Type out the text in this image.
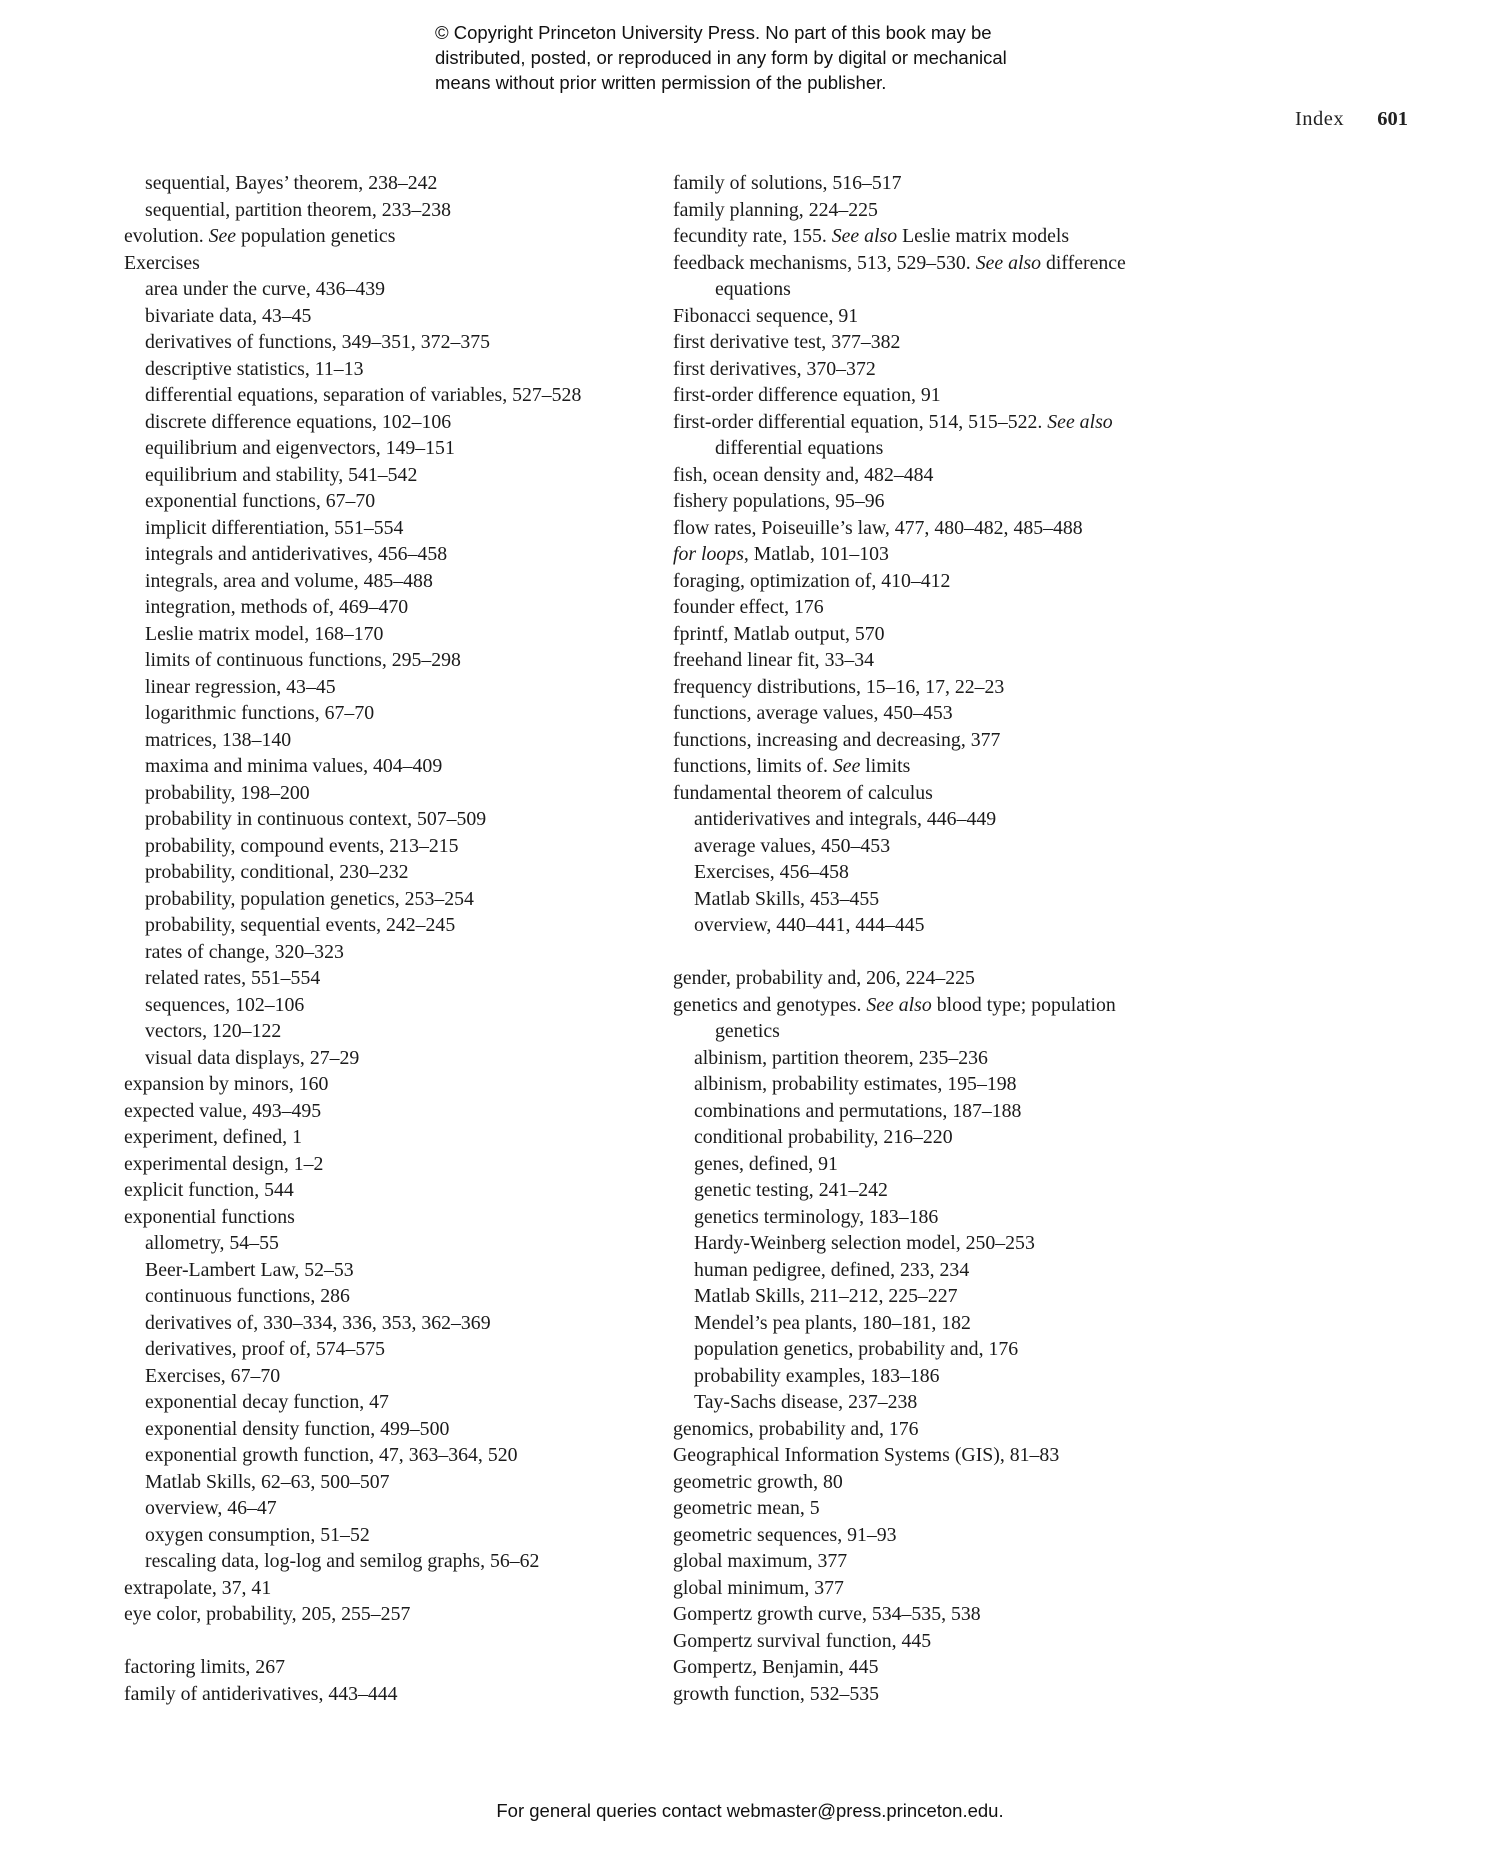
© Copyright Princeton University Press. No part of this book may be
distributed, posted, or reproduced in any form by digital or mechanical
means without prior written permission of the publisher.
Index 601
sequential, Bayes’ theorem, 238–242
sequential, partition theorem, 233–238
evolution. See population genetics
Exercises
area under the curve, 436–439
bivariate data, 43–45
derivatives of functions, 349–351, 372–375
descriptive statistics, 11–13
differential equations, separation of variables, 527–528
discrete difference equations, 102–106
equilibrium and eigenvectors, 149–151
equilibrium and stability, 541–542
exponential functions, 67–70
implicit differentiation, 551–554
integrals and antiderivatives, 456–458
integrals, area and volume, 485–488
integration, methods of, 469–470
Leslie matrix model, 168–170
limits of continuous functions, 295–298
linear regression, 43–45
logarithmic functions, 67–70
matrices, 138–140
maxima and minima values, 404–409
probability, 198–200
probability in continuous context, 507–509
probability, compound events, 213–215
probability, conditional, 230–232
probability, population genetics, 253–254
probability, sequential events, 242–245
rates of change, 320–323
related rates, 551–554
sequences, 102–106
vectors, 120–122
visual data displays, 27–29
expansion by minors, 160
expected value, 493–495
experiment, defined, 1
experimental design, 1–2
explicit function, 544
exponential functions
allometry, 54–55
Beer-Lambert Law, 52–53
continuous functions, 286
derivatives of, 330–334, 336, 353, 362–369
derivatives, proof of, 574–575
Exercises, 67–70
exponential decay function, 47
exponential density function, 499–500
exponential growth function, 47, 363–364, 520
Matlab Skills, 62–63, 500–507
overview, 46–47
oxygen consumption, 51–52
rescaling data, log-log and semilog graphs, 56–62
extrapolate, 37, 41
eye color, probability, 205, 255–257
factoring limits, 267
family of antiderivatives, 443–444
family of solutions, 516–517
family planning, 224–225
fecundity rate, 155. See also Leslie matrix models
feedback mechanisms, 513, 529–530. See also difference
equations
Fibonacci sequence, 91
first derivative test, 377–382
first derivatives, 370–372
first-order difference equation, 91
first-order differential equation, 514, 515–522. See also
differential equations
fish, ocean density and, 482–484
fishery populations, 95–96
flow rates, Poiseuille’s law, 477, 480–482, 485–488
for loops, Matlab, 101–103
foraging, optimization of, 410–412
founder effect, 176
fprintf, Matlab output, 570
freehand linear fit, 33–34
frequency distributions, 15–16, 17, 22–23
functions, average values, 450–453
functions, increasing and decreasing, 377
functions, limits of. See limits
fundamental theorem of calculus
antiderivatives and integrals, 446–449
average values, 450–453
Exercises, 456–458
Matlab Skills, 453–455
overview, 440–441, 444–445
gender, probability and, 206, 224–225
genetics and genotypes. See also blood type; population
genetics
albinism, partition theorem, 235–236
albinism, probability estimates, 195–198
combinations and permutations, 187–188
conditional probability, 216–220
genes, defined, 91
genetic testing, 241–242
genetics terminology, 183–186
Hardy-Weinberg selection model, 250–253
human pedigree, defined, 233, 234
Matlab Skills, 211–212, 225–227
Mendel’s pea plants, 180–181, 182
population genetics, probability and, 176
probability examples, 183–186
Tay-Sachs disease, 237–238
genomics, probability and, 176
Geographical Information Systems (GIS), 81–83
geometric growth, 80
geometric mean, 5
geometric sequences, 91–93
global maximum, 377
global minimum, 377
Gompertz growth curve, 534–535, 538
Gompertz survival function, 445
Gompertz, Benjamin, 445
growth function, 532–535
For general queries contact webmaster@press.princeton.edu.
